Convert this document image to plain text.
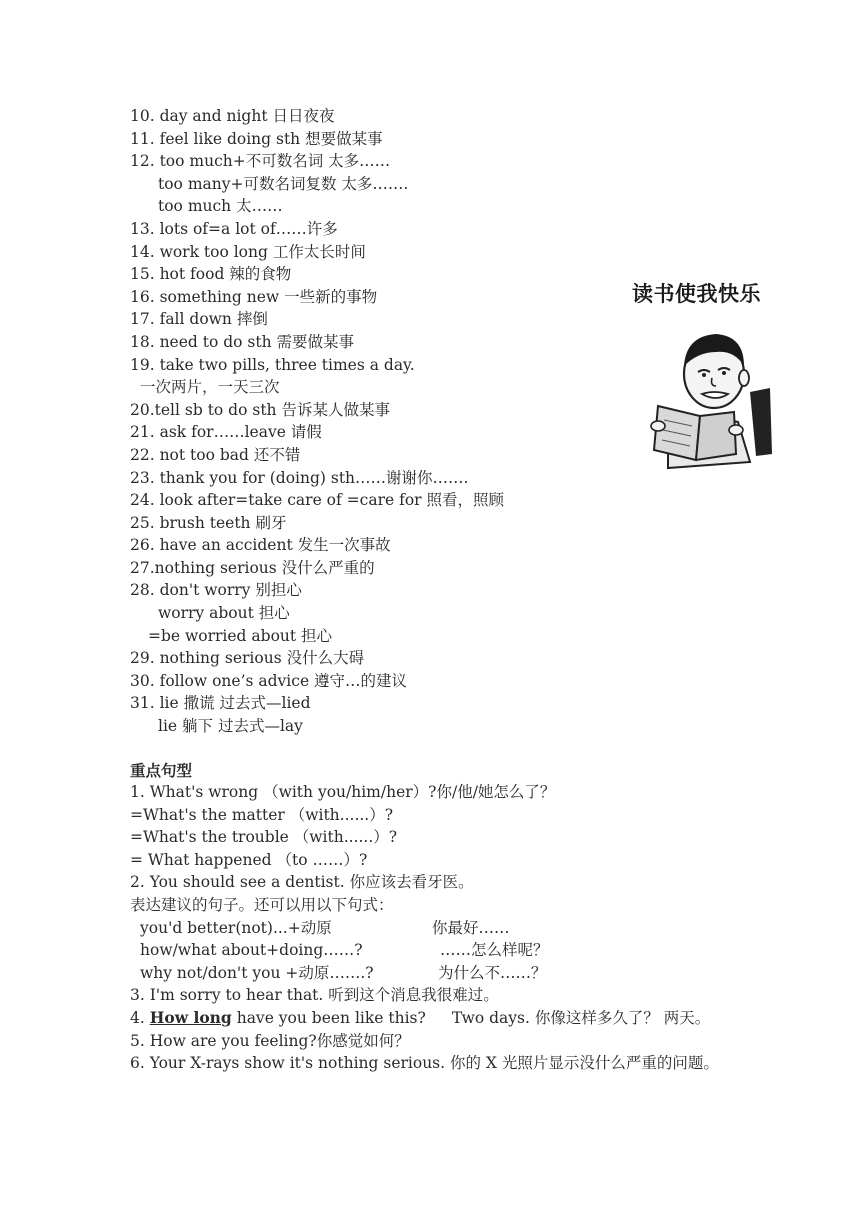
10. day and night 日日夜夜
11. feel like doing sth 想要做某事
12. too much+不可数名词 太多……
too many+可数名词复数 太多…….
too much 太……
13. lots of=a lot of……许多
14. work too long 工作太长时间
15. hot food 辣的食物
16. something new 一些新的事物
17. fall down 摔倒
18. need to do sth 需要做某事
19. take two pills, three times a day.
一次两片，一天三次
20.tell sb to do sth 告诉某人做某事
21. ask for……leave 请假
22. not too bad 还不错
23. thank you for (doing) sth……谢谢你…….
24. look after=take care of =care for 照看，照顾
25. brush teeth 刷牙
26. have an accident 发生一次事故
27.nothing serious 没什么严重的
28. don't worry 别担心
worry about 担心
=be worried about 担心
29. nothing serious 没什么大碍
30. follow one’s advice 遵守…的建议
31. lie 撒谎 过去式—lied
lie 躺下 过去式—lay
读书使我快乐
重点句型
1. What's wrong （with you/him/her）?你/他/她怎么了？
=What's the matter （with......）?
=What's the trouble （with......）?
= What happened （to ……）?
2. You should see a dentist. 你应该去看牙医。
表达建议的句子。还可以用以下句式：
you'd better(not)...+动原	你最好……
how/what about+doing……?	……怎么样呢？
why not/don't you +动原…….?	为什么不……？
3. I'm sorry to hear that. 听到这个消息我很难过。
4. How long have you been like this? Two days. 你像这样多久了？ 两天。
5. How are you feeling?你感觉如何？
6. Your X-rays show it's nothing serious. 你的 X 光照片显示没什么严重的问题。
